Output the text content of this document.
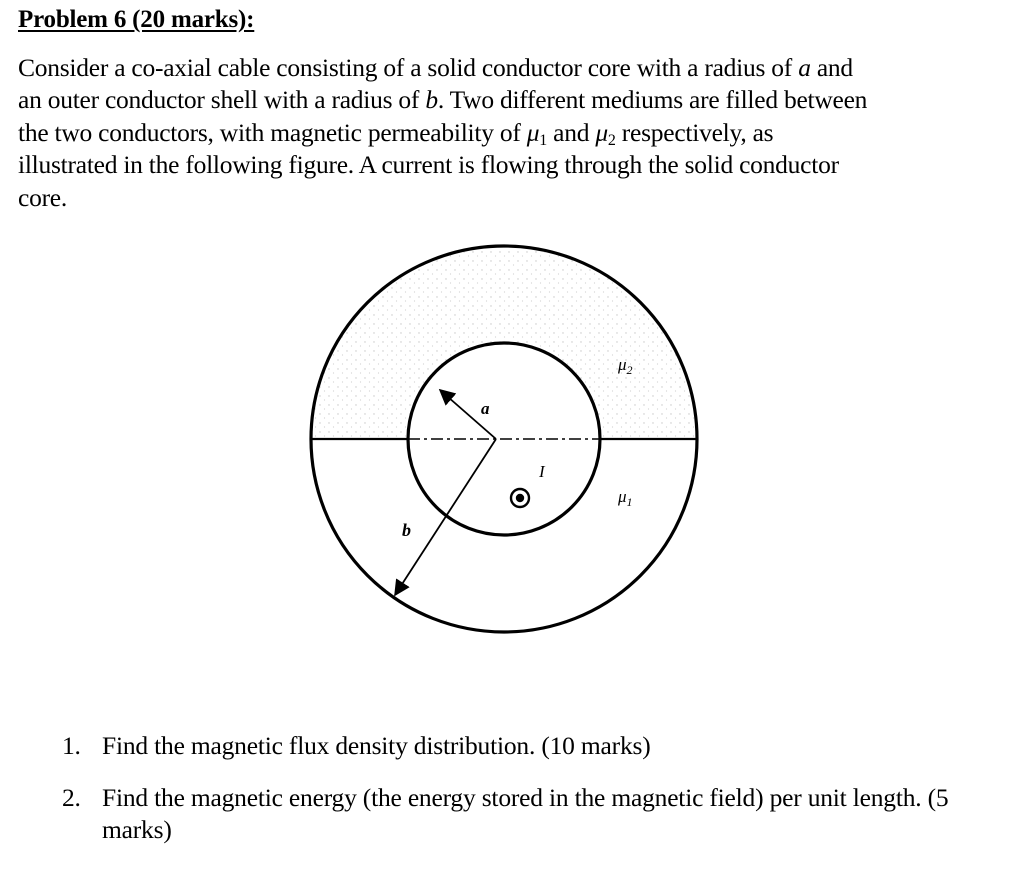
Problem 6 (20 marks):
Consider a co-axial cable consisting of a solid conductor core with a radius of a and
an outer conductor shell with a radius of b. Two different mediums are filled between
the two conductors, with magnetic permeability of $\mu_1$ and $\mu_2$ respectively, as
illustrated in the following figure. A current is flowing through the solid conductor
core.
a
b
I
$\mu_2$
$\mu_1$
1. Find the magnetic flux density distribution. (10 marks)
2. Find the magnetic energy (the energy stored in the magnetic field) per unit length. (5 marks)
